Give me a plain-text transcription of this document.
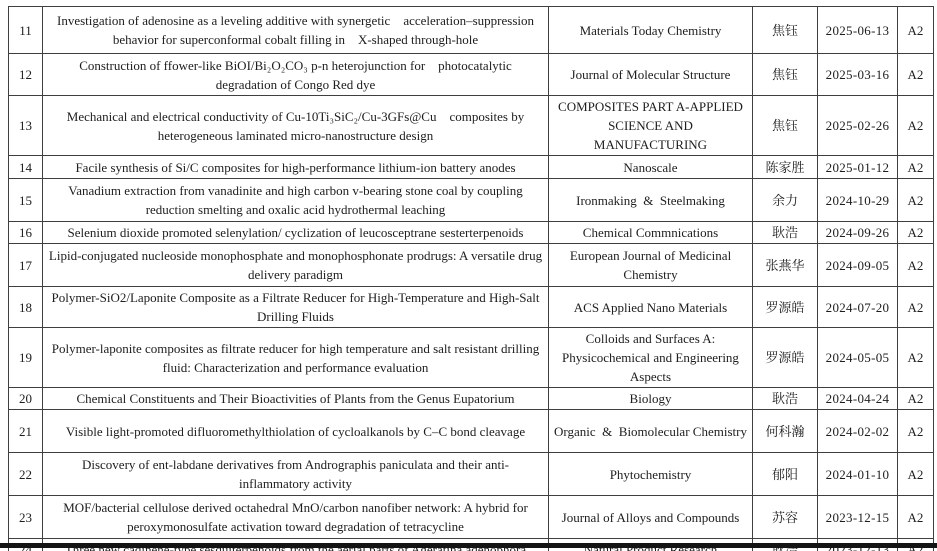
11	Investigation of adenosine as a leveling additive with synergetic    acceleration–suppression behavior for superconformal cobalt filling in    X-shaped through-hole	Materials Today Chemistry	焦钰	2025-06-13	A2
12	Construction of ffower-like BiOI/Bi₂O₂CO₃ p-n heterojunction for    photocatalytic degradation of Congo Red dye	Journal of Molecular Structure	焦钰	2025-03-16	A2
13	Mechanical and electrical conductivity of Cu-10Ti₃SiC₂/Cu-3GFs@Cu    composites by heterogeneous laminated micro-nanostructure design	COMPOSITES PART A-APPLIED SCIENCE AND MANUFACTURING	焦钰	2025-02-26	A2
14	Facile synthesis of Si/C composites for high-performance lithium-ion battery anodes	Nanoscale	陈家胜	2025-01-12	A2
15	Vanadium extraction from vanadinite and high carbon v-bearing stone coal by coupling reduction smelting and oxalic acid hydrothermal leaching	Ironmaking  &  Steelmaking	余力	2024-10-29	A2
16	Selenium dioxide promoted selenylation/ cyclization of leucosceptrane sesterterpenoids	Chemical Commnications	耿浩	2024-09-26	A2
17	Lipid-conjugated nucleoside monophosphate and monophosphonate prodrugs: A versatile drug delivery paradigm	European Journal of Medicinal Chemistry	张燕华	2024-09-05	A2
18	Polymer-SiO2/Laponite Composite as a Filtrate Reducer for High-Temperature and High-Salt Drilling Fluids	ACS Applied Nano Materials	罗源皓	2024-07-20	A2
19	Polymer-laponite composites as filtrate reducer for high temperature and salt resistant drilling fluid: Characterization and performance evaluation	Colloids and Surfaces A: Physicochemical and Engineering Aspects	罗源皓	2024-05-05	A2
20	Chemical Constituents and Their Bioactivities of Plants from the Genus Eupatorium	Biology	耿浩	2024-04-24	A2
21	Visible light-promoted difluoromethylthiolation of cycloalkanols by C–C bond cleavage	Organic  &  Biomolecular Chemistry	何科瀚	2024-02-02	A2
22	Discovery of ent-labdane derivatives from Andrographis paniculata and their anti-inflammatory activity	Phytochemistry	郁阳	2024-01-10	A2
23	MOF/bacterial cellulose derived octahedral MnO/carbon nanofiber network: A hybrid for peroxymonosulfate activation toward degradation of tetracycline	Journal of Alloys and Compounds	苏容	2023-12-15	A2
